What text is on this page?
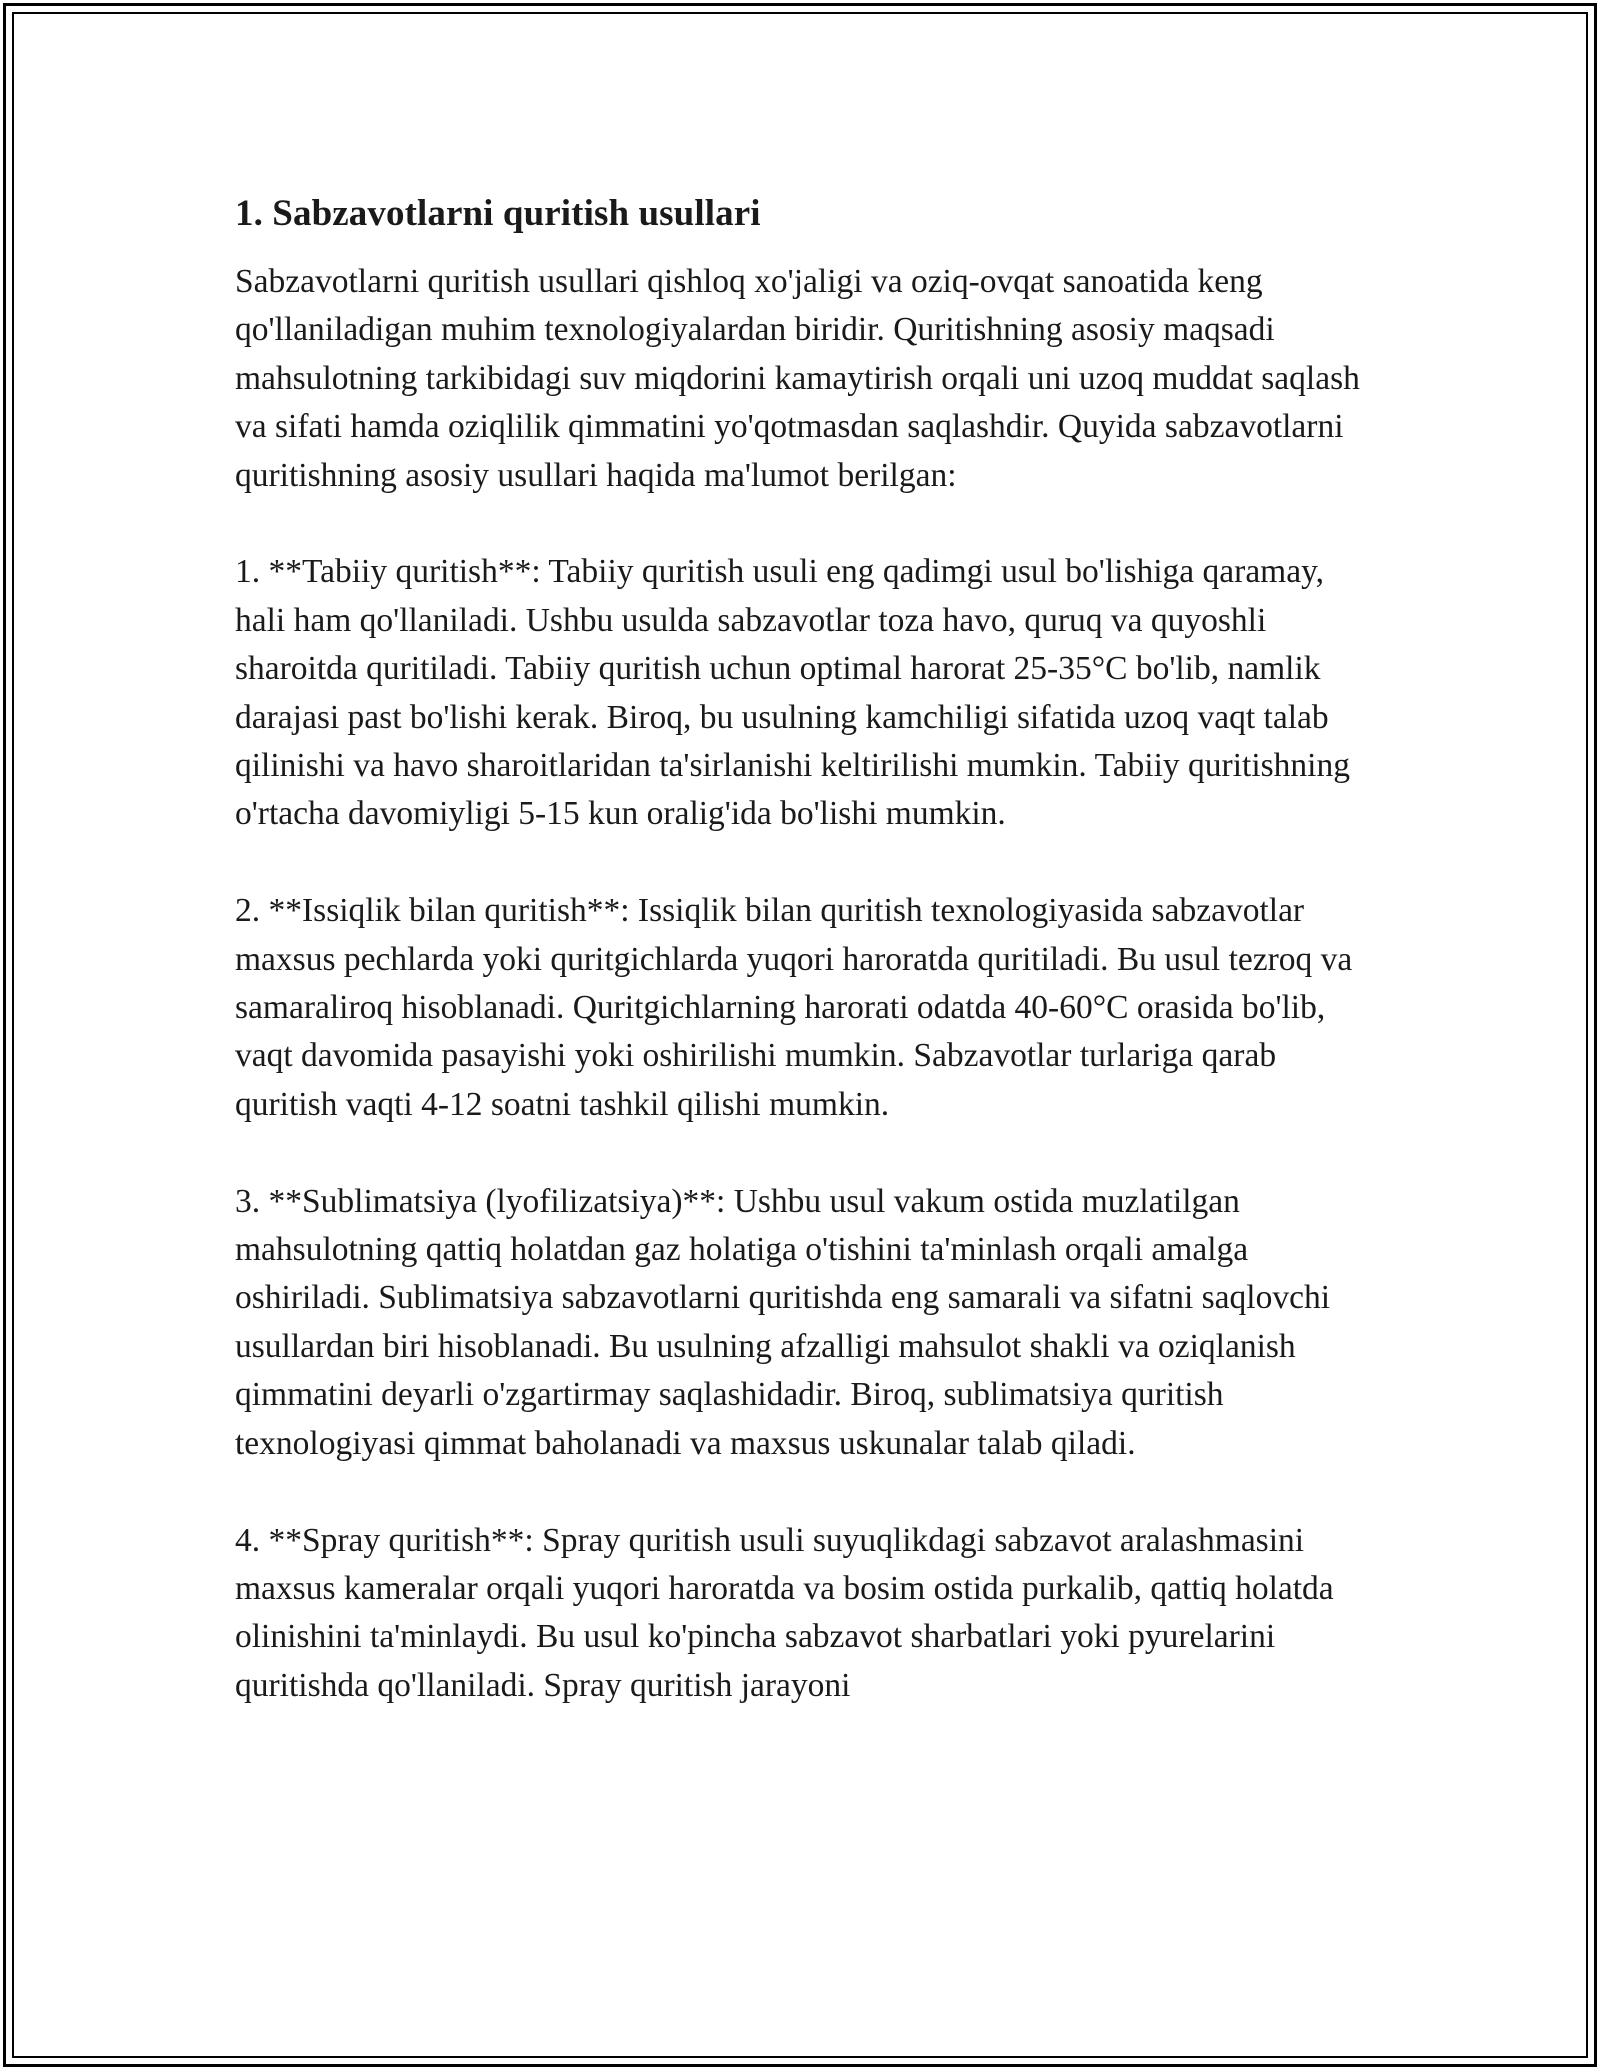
1. Sabzavotlarni quritish usullari

Sabzavotlarni quritish usullari qishloq xo'jaligi va oziq-ovqat sanoatida keng qo'llaniladigan muhim texnologiyalardan biridir. Quritishning asosiy maqsadi mahsulotning tarkibidagi suv miqdorini kamaytirish orqali uni uzoq muddat saqlash va sifati hamda oziqlilik qimmatini yo'qotmasdan saqlashdir. Quyida sabzavotlarni quritishning asosiy usullari haqida ma'lumot berilgan:

1. **Tabiiy quritish**: Tabiiy quritish usuli eng qadimgi usul bo'lishiga qaramay, hali ham qo'llaniladi. Ushbu usulda sabzavotlar toza havo, quruq va quyoshli sharoitda quritiladi. Tabiiy quritish uchun optimal harorat 25-35°C bo'lib, namlik darajasi past bo'lishi kerak. Biroq, bu usulning kamchiligi sifatida uzoq vaqt talab qilinishi va havo sharoitlaridan ta'sirlanishi keltirilishi mumkin. Tabiiy quritishning o'rtacha davomiyligi 5-15 kun oralig'ida bo'lishi mumkin.

2. **Issiqlik bilan quritish**: Issiqlik bilan quritish texnologiyasida sabzavotlar maxsus pechlarda yoki quritgichlarda yuqori haroratda quritiladi. Bu usul tezroq va samaraliroq hisoblanadi. Quritgichlarning harorati odatda 40-60°C orasida bo'lib, vaqt davomida pasayishi yoki oshirilishi mumkin. Sabzavotlar turlariga qarab quritish vaqti 4-12 soatni tashkil qilishi mumkin.

3. **Sublimatsiya (lyofilizatsiya)**: Ushbu usul vakum ostida muzlatilgan mahsulotning qattiq holatdan gaz holatiga o'tishini ta'minlash orqali amalga oshiriladi. Sublimatsiya sabzavotlarni quritishda eng samarali va sifatni saqlovchi usullardan biri hisoblanadi. Bu usulning afzalligi mahsulot shakli va oziqlanish qimmatini deyarli o'zgartirmay saqlashidadir. Biroq, sublimatsiya quritish texnologiyasi qimmat baholanadi va maxsus uskunalar talab qiladi.

4. **Spray quritish**: Spray quritish usuli suyuqlikdagi sabzavot aralashmasini maxsus kameralar orqali yuqori haroratda va bosim ostida purkalib, qattiq holatda olinishini ta'minlaydi. Bu usul ko'pincha sabzavot sharbatlari yoki pyurelarini quritishda qo'llaniladi. Spray quritish jarayoni
